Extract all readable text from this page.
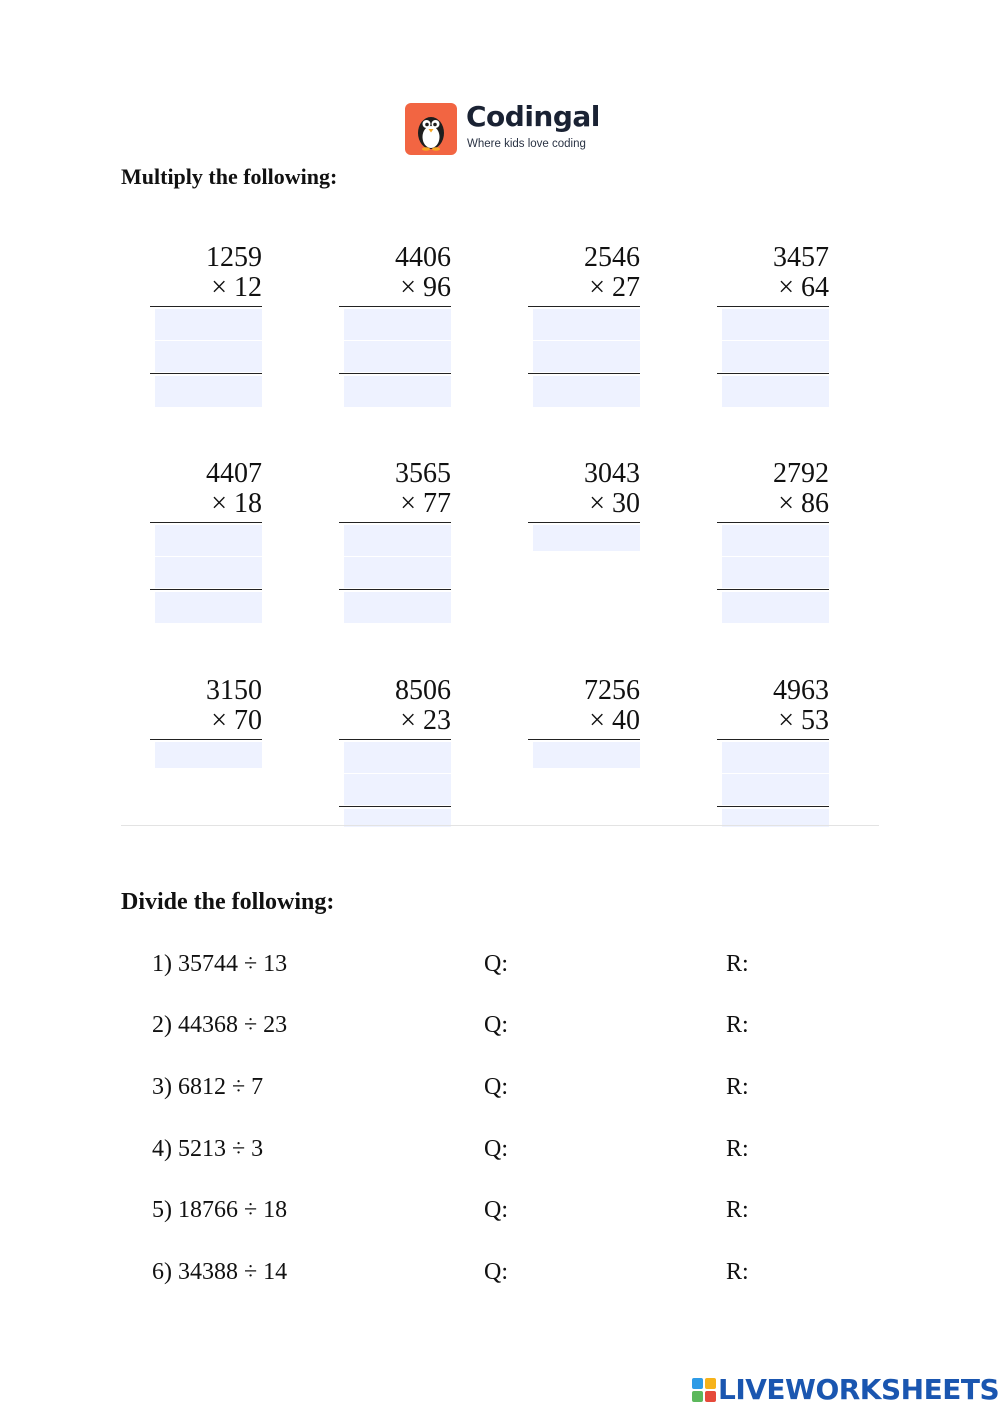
Codingal
Where kids love coding
Multiply the following:
1259
× 12
4406
× 96
2546
× 27
3457
× 64
4407
× 18
3565
× 77
3043
× 30
2792
× 86
3150
× 70
8506
× 23
7256
× 40
4963
× 53
Divide the following:
1) 35744 ÷ 13	Q:	R:
2) 44368 ÷ 23	Q:	R:
3) 6812 ÷ 7	Q:	R:
4) 5213 ÷ 3	Q:	R:
5) 18766 ÷ 18	Q:	R:
6) 34388 ÷ 14	Q:	R:
LIVEWORKSHEETS
